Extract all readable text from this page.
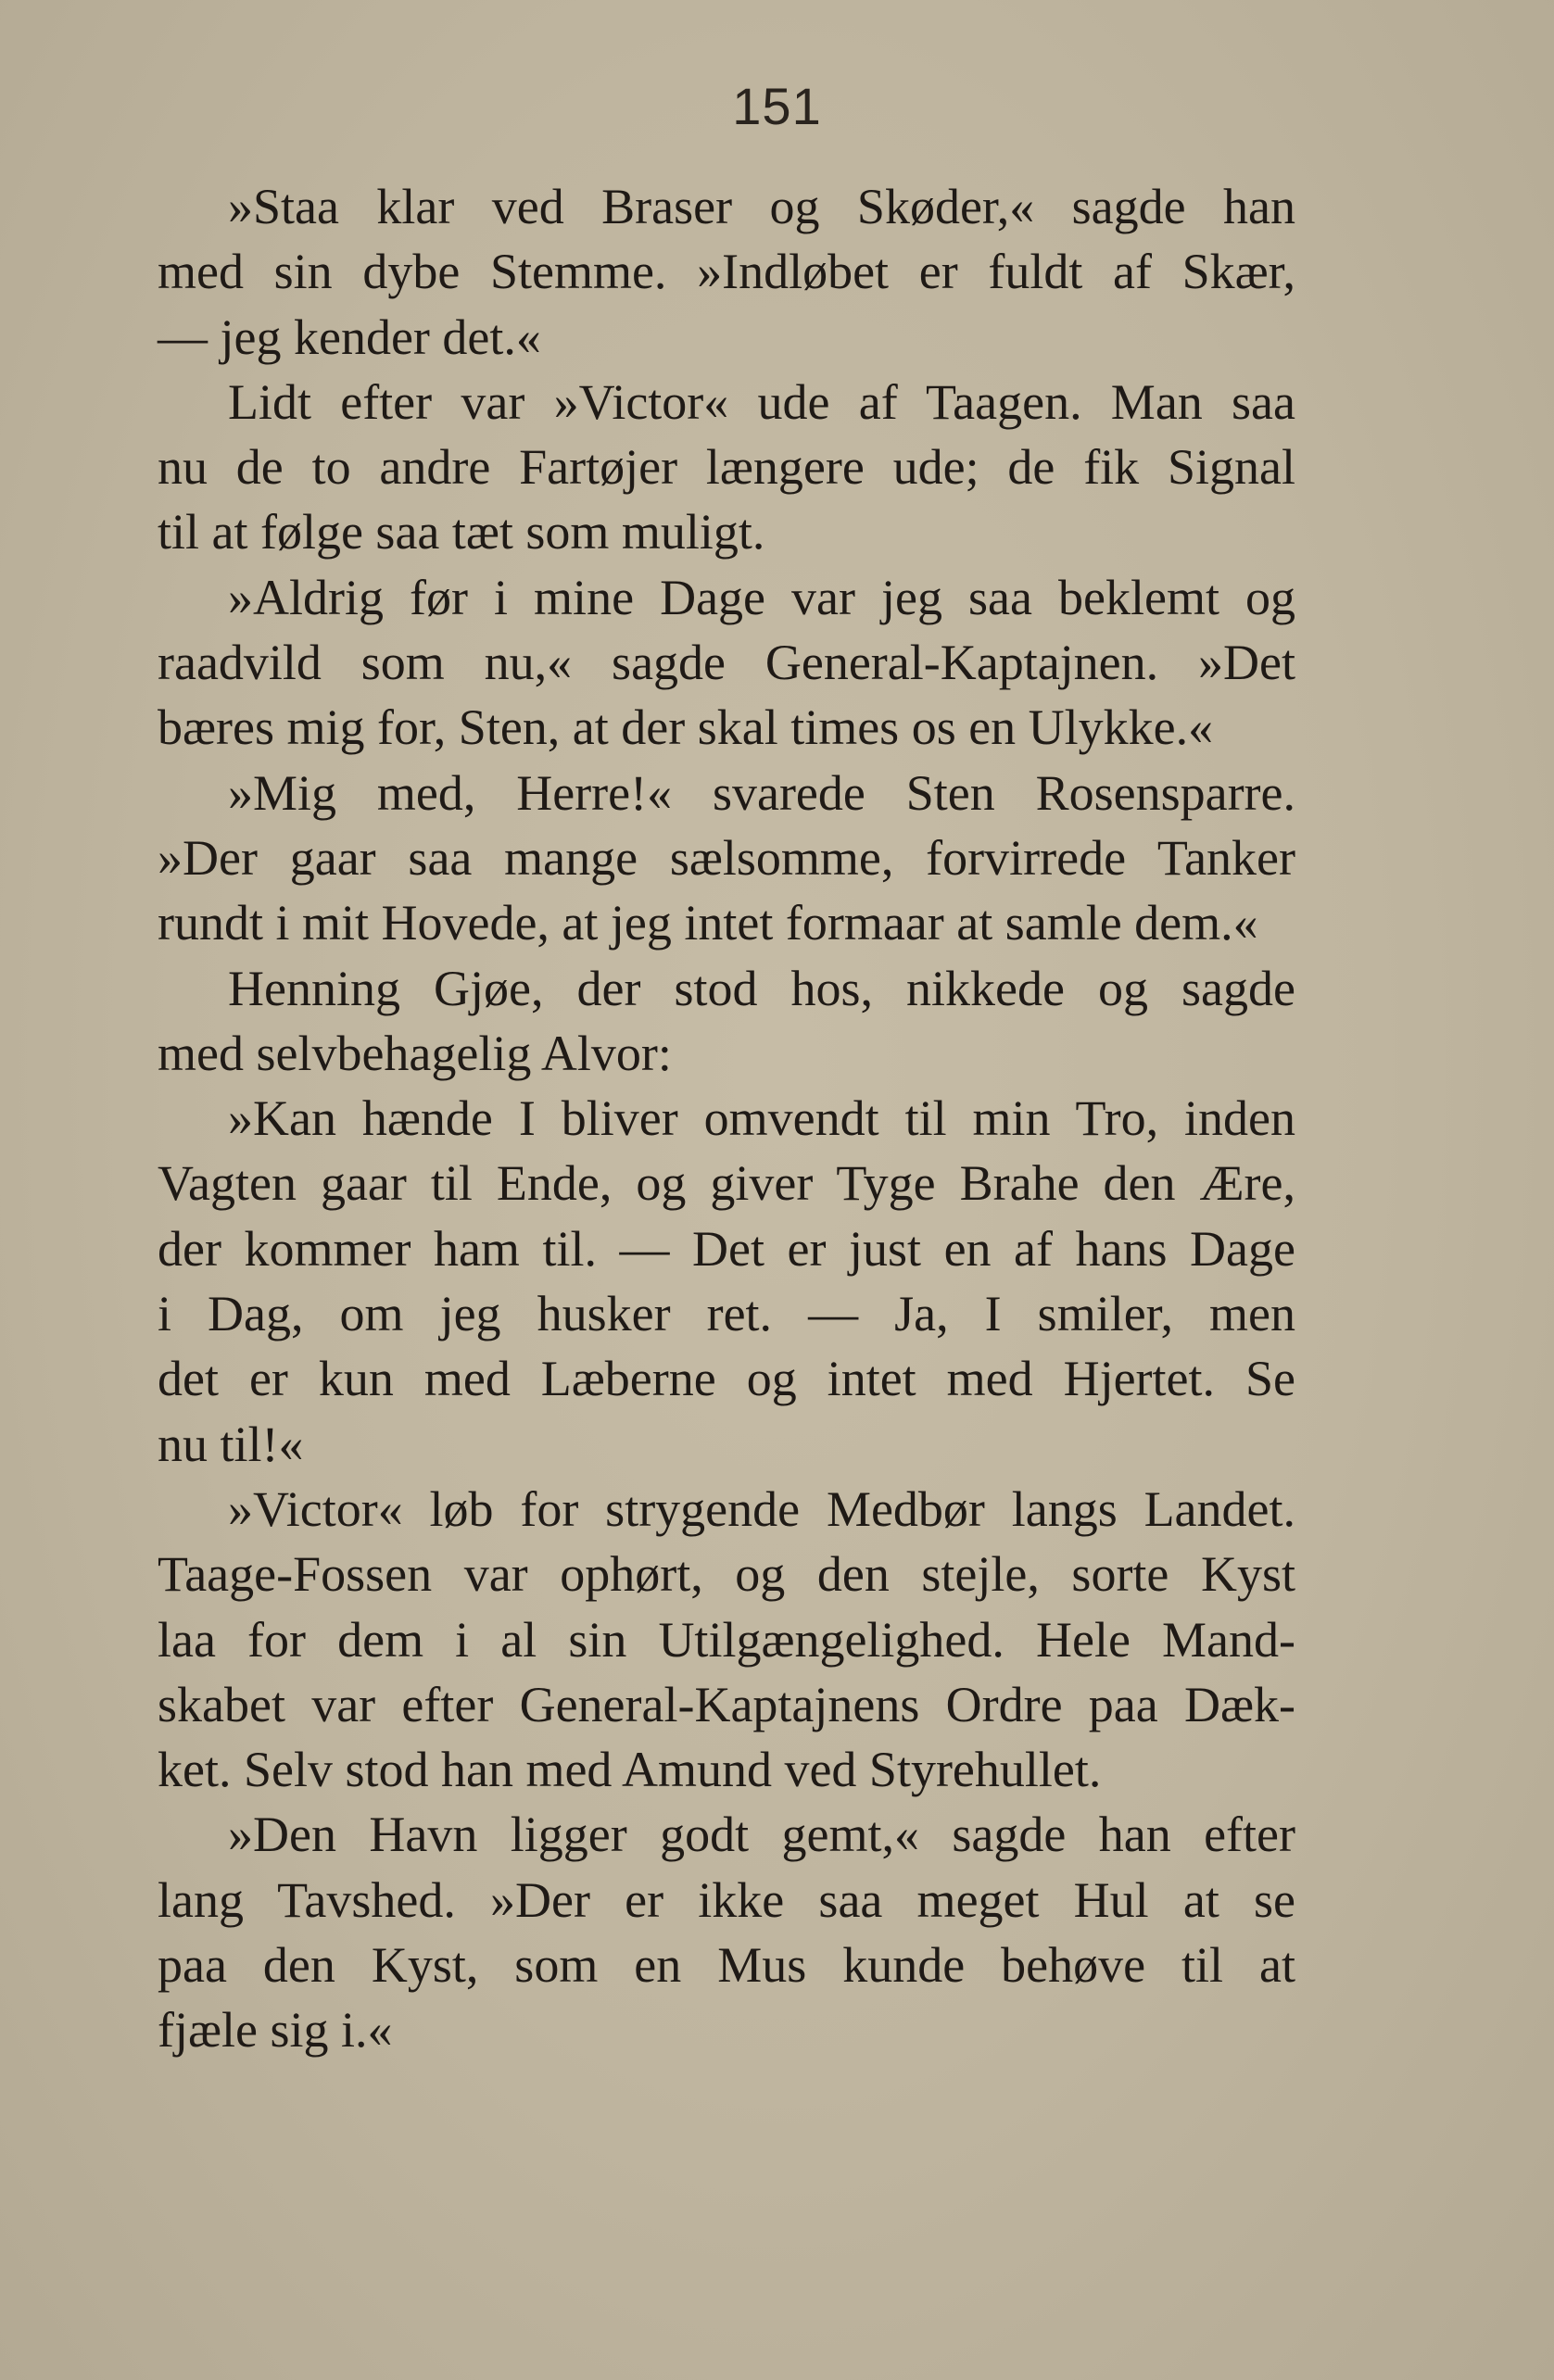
151
»Staa klar ved Braser og Skøder,« sagde han
med sin dybe Stemme. »Indløbet er fuldt af Skær,
— jeg kender det.«
Lidt efter var »Victor« ude af Taagen. Man saa
nu de to andre Fartøjer længere ude; de fik Signal
til at følge saa tæt som muligt.
»Aldrig før i mine Dage var jeg saa beklemt og
raadvild som nu,« sagde General-Kaptajnen. »Det
bæres mig for, Sten, at der skal times os en Ulykke.«
»Mig med, Herre!« svarede Sten Rosensparre.
»Der gaar saa mange sælsomme, forvirrede Tanker
rundt i mit Hovede, at jeg intet formaar at samle dem.«
Henning Gjøe, der stod hos, nikkede og sagde
med selvbehagelig Alvor:
»Kan hænde I bliver omvendt til min Tro, inden
Vagten gaar til Ende, og giver Tyge Brahe den Ære,
der kommer ham til. — Det er just en af hans Dage
i Dag, om jeg husker ret. — Ja, I smiler, men
det er kun med Læberne og intet med Hjertet. Se
nu til!«
»Victor« løb for strygende Medbør langs Landet.
Taage-Fossen var ophørt, og den stejle, sorte Kyst
laa for dem i al sin Utilgængelighed. Hele Mand-
skabet var efter General-Kaptajnens Ordre paa Dæk-
ket. Selv stod han med Amund ved Styrehullet.
»Den Havn ligger godt gemt,« sagde han efter
lang Tavshed. »Der er ikke saa meget Hul at se
paa den Kyst, som en Mus kunde behøve til at
fjæle sig i.«
